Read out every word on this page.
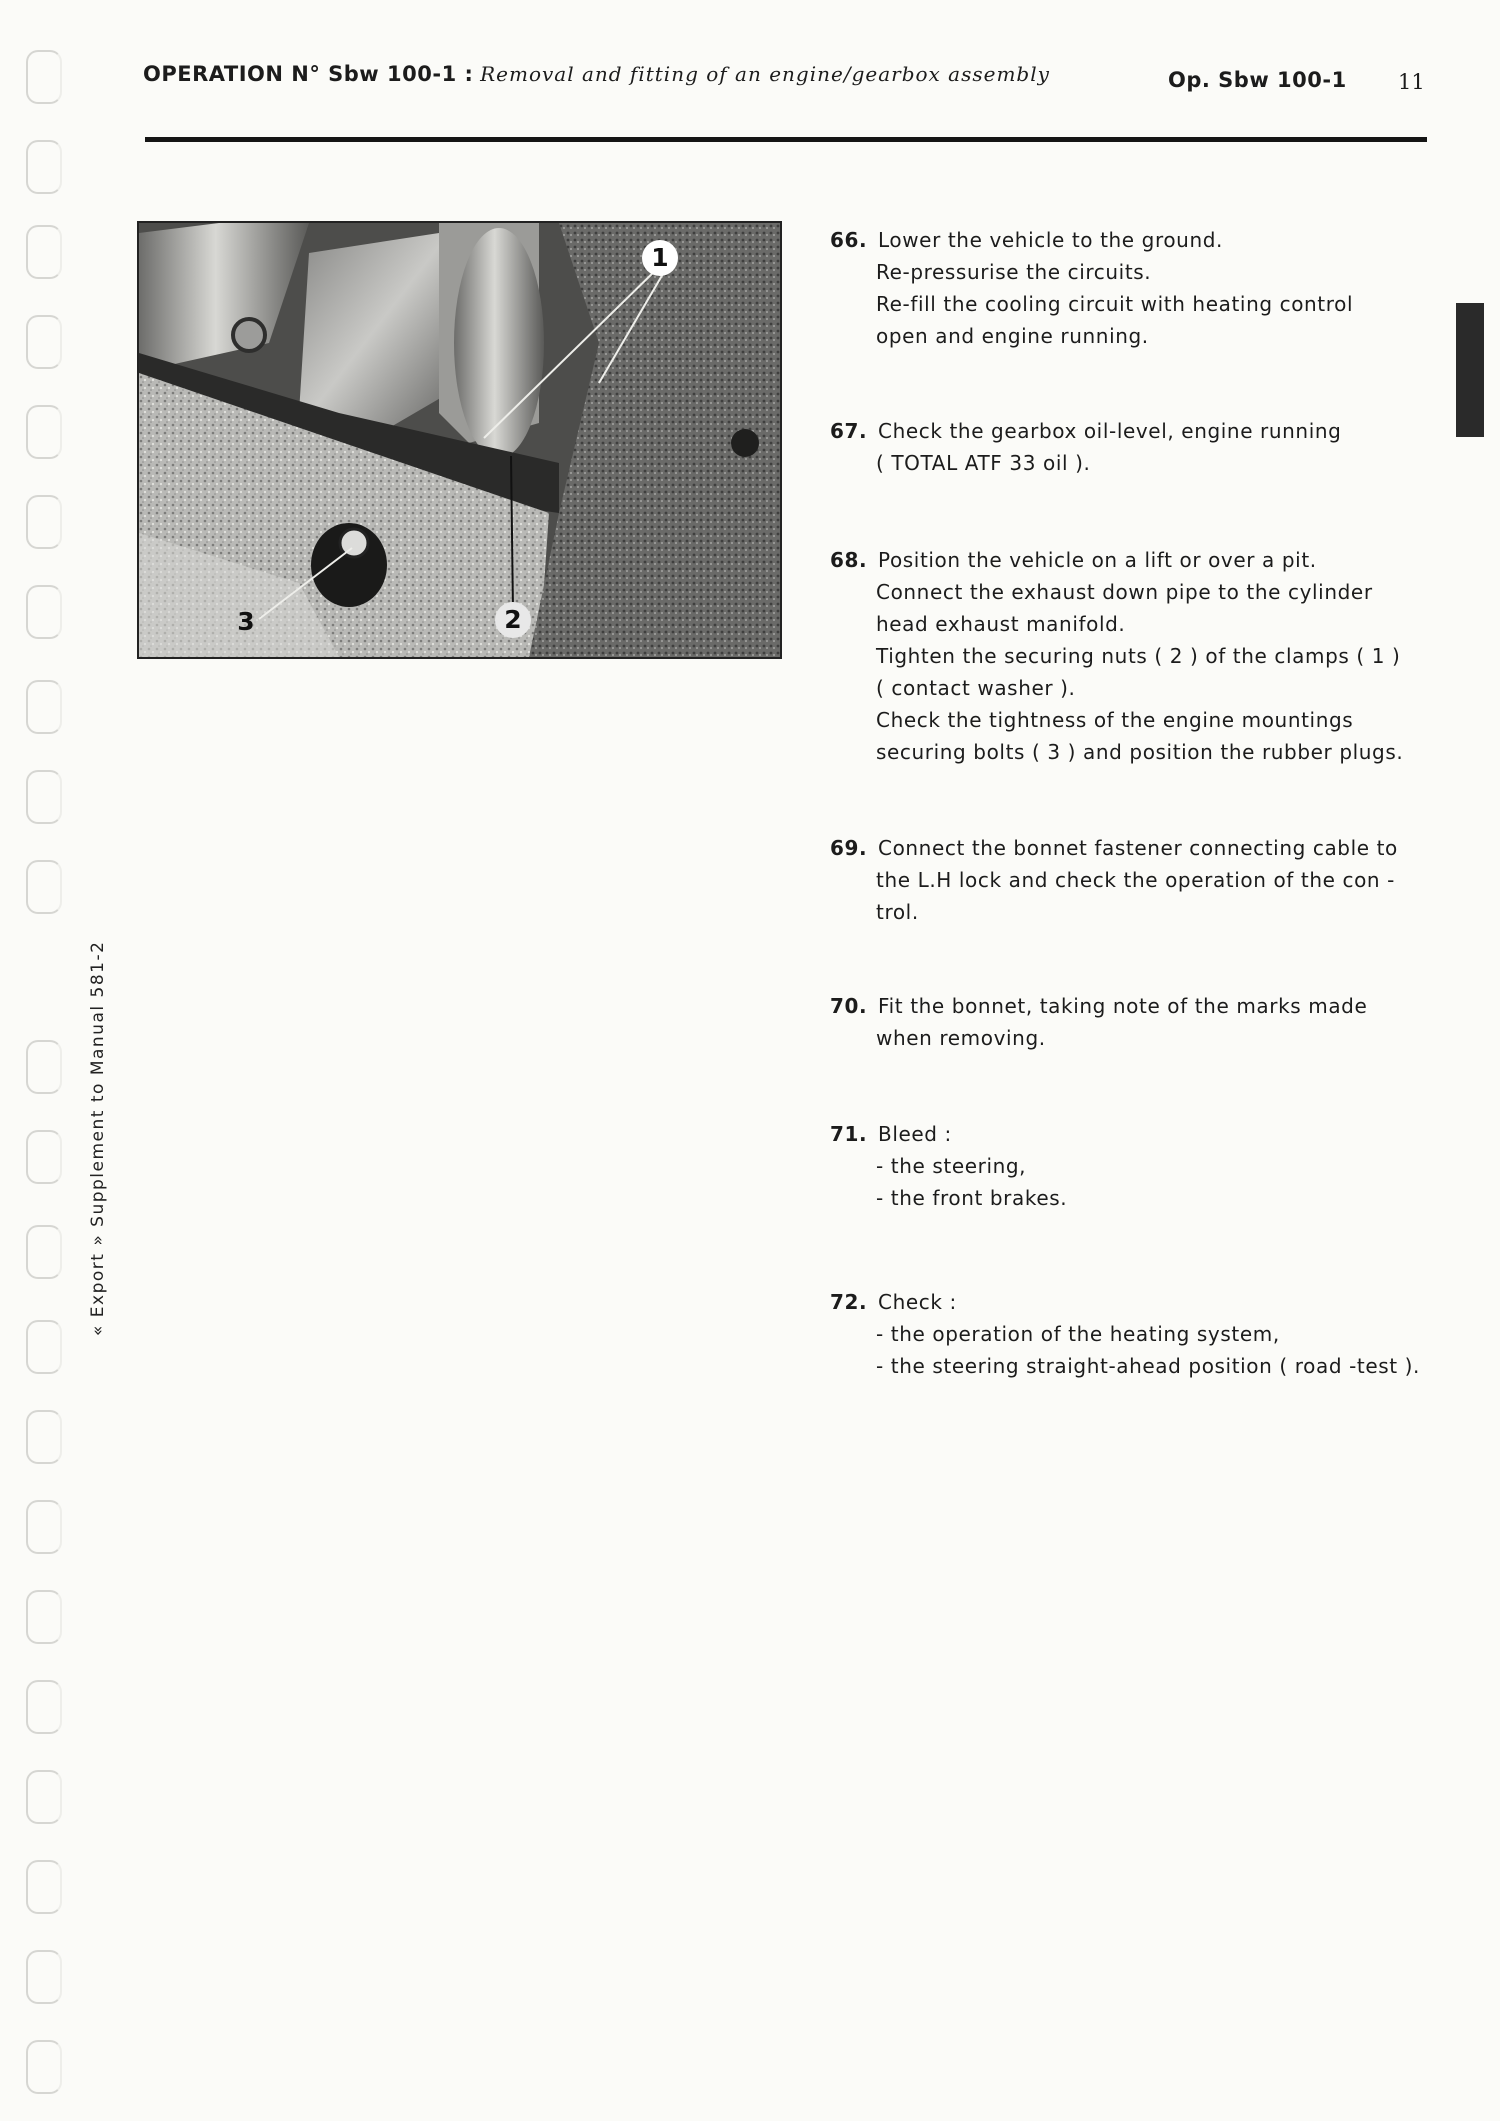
OPERATION N° Sbw 100-1 : Removal and fitting of an engine/gearbox assembly	Op. Sbw 100-1 11
1
2
3
« Export » Supplement to Manual 581-2
66. Lower the vehicle to the ground.
Re-pressurise the circuits.
Re-fill the cooling circuit with heating control
open and engine running.
67. Check the gearbox oil-level, engine running
( TOTAL ATF 33 oil ).
68. Position the vehicle on a lift or over a pit.
Connect the exhaust down pipe to the cylinder
head exhaust manifold.
Tighten the securing nuts ( 2 ) of the clamps ( 1 )
( contact washer ).
Check the tightness of the engine mountings
securing bolts ( 3 ) and position the rubber plugs.
69. Connect the bonnet fastener connecting cable to
the L.H lock and check the operation of the con -
trol.
70. Fit the bonnet, taking note of the marks made
when removing.
71. Bleed :
- the steering,
- the front brakes.
72. Check :
- the operation of the heating system,
- the steering straight-ahead position ( road -test ).
